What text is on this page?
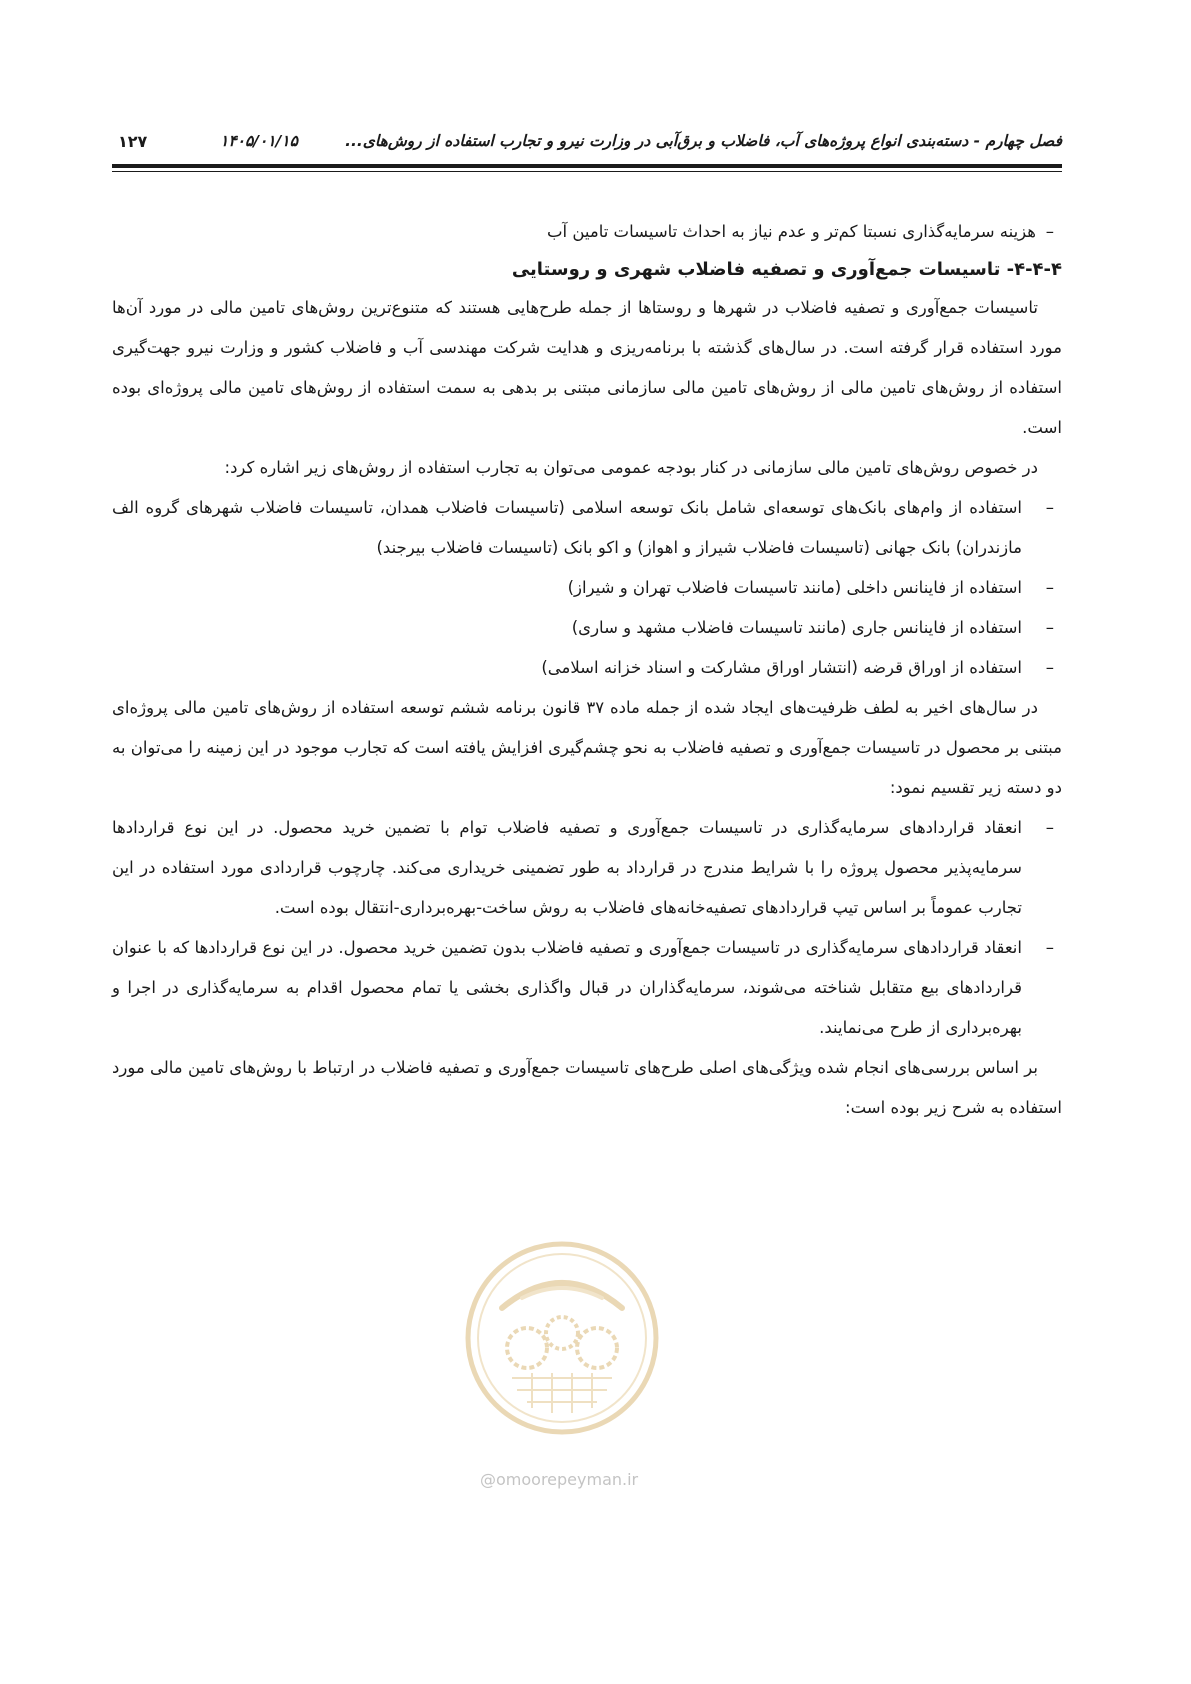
فصل چهارم - دسته‌بندی انواع پروژه‌های آب، فاضلاب و برق‌آبی در وزارت نیرو و تجارب استفاده از روش‌های...
۱۴۰۵/۰۱/۱۵
۱۲۷

–
هزینه سرمایه‌گذاری نسبتا کم‌تر و عدم نیاز به احداث تاسیسات تامین آب

۴-۴-۴- تاسیسات جمع‌آوری و تصفیه فاضلاب شهری و روستایی

تاسیسات جمع‌آوری و تصفیه فاضلاب در شهرها و روستاها از جمله طرح‌هایی هستند که متنوع‌ترین روش‌های تامین مالی در مورد آن‌ها مورد استفاده قرار گرفته است. در سال‌های گذشته با برنامه‌ریزی و هدایت شرکت مهندسی آب و فاضلاب کشور و وزارت نیرو جهت‌گیری استفاده از روش‌های تامین مالی از روش‌های تامین مالی سازمانی مبتنی بر بدهی به سمت استفاده از روش‌های تامین مالی پروژه‌ای بوده است.

در خصوص روش‌های تامین مالی سازمانی در کنار بودجه عمومی می‌توان به تجارب استفاده از روش‌های زیر اشاره کرد:

–
استفاده از وام‌های بانک‌های توسعه‌ای شامل بانک توسعه اسلامی (تاسیسات فاضلاب همدان، تاسیسات فاضلاب شهرهای گروه الف مازندران) بانک جهانی (تاسیسات فاضلاب شیراز و اهواز) و اکو بانک (تاسیسات فاضلاب بیرجند)
–
استفاده از فاینانس داخلی (مانند تاسیسات فاضلاب تهران و شیراز)
–
استفاده از فاینانس جاری (مانند تاسیسات فاضلاب مشهد و ساری)
–
استفاده از اوراق قرضه (انتشار اوراق مشارکت و اسناد خزانه اسلامی)

در سال‌های اخیر به لطف ظرفیت‌های ایجاد شده از جمله ماده ۳۷ قانون برنامه ششم توسعه استفاده از روش‌های تامین مالی پروژه‌ای مبتنی بر محصول در تاسیسات جمع‌آوری و تصفیه فاضلاب به نحو چشم‌گیری افزایش یافته است که تجارب موجود در این زمینه را می‌توان به دو دسته زیر تقسیم نمود:

–
انعقاد قراردادهای سرمایه‌گذاری در تاسیسات جمع‌آوری و تصفیه فاضلاب توام با تضمین خرید محصول. در این نوع قراردادها سرمایه‌پذیر محصول پروژه را با شرایط مندرج در قرارداد به طور تضمینی خریداری می‌کند. چارچوب قراردادی مورد استفاده در این تجارب عموماً بر اساس تیپ قراردادهای تصفیه‌خانه‌های فاضلاب به روش ساخت-بهره‌برداری-انتقال بوده است.
–
انعقاد قراردادهای سرمایه‌گذاری در تاسیسات جمع‌آوری و تصفیه فاضلاب بدون تضمین خرید محصول. در این نوع قراردادها که با عنوان قراردادهای بیع متقابل شناخته می‌شوند، سرمایه‌گذاران در قبال واگذاری بخشی یا تمام محصول اقدام به سرمایه‌گذاری در اجرا و بهره‌برداری از طرح می‌نمایند.

بر اساس بررسی‌های انجام شده ویژگی‌های اصلی طرح‌های تاسیسات جمع‌آوری و تصفیه فاضلاب در ارتباط با روش‌های تامین مالی مورد استفاده به شرح زیر بوده است:

@omoorepeyman.ir
